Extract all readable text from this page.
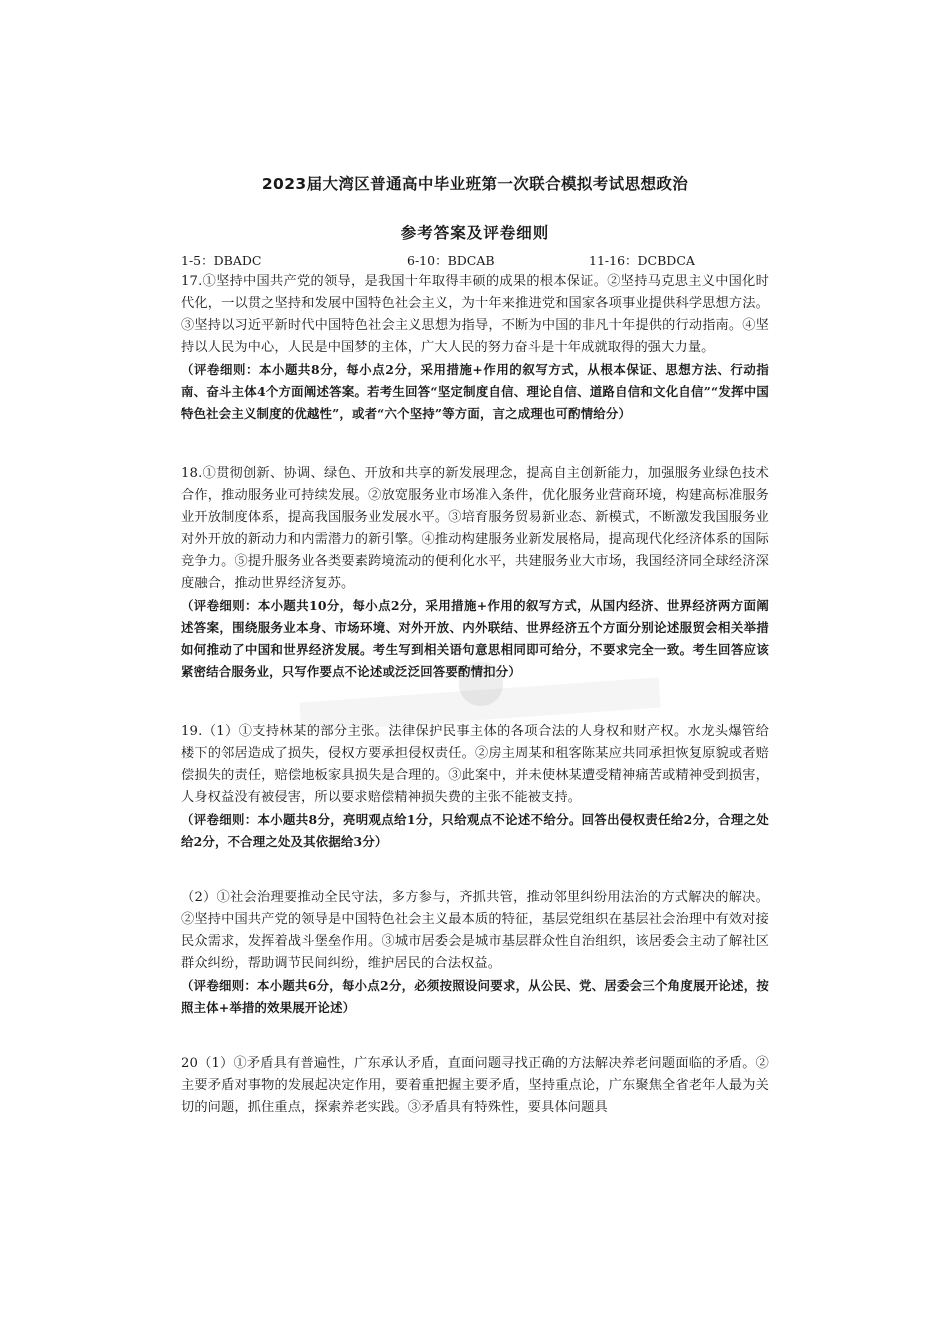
●
2023届大湾区普通高中毕业班第一次联合模拟考试思想政治
参考答案及评卷细则
1-5：DBADC	6-10：BDCAB	11-16：DCBDCA

17.①坚持中国共产党的领导，是我国十年取得丰硕的成果的根本保证。②坚持马克思主义中国化时代化，一以贯之坚持和发展中国特色社会主义，为十年来推进党和国家各项事业提供科学思想方法。③坚持以习近平新时代中国特色社会主义思想为指导，不断为中国的非凡十年提供的行动指南。④坚持以人民为中心，人民是中国梦的主体，广大人民的努力奋斗是十年成就取得的强大力量。

（评卷细则：本小题共8分，每小点2分，采用措施+作用的叙写方式，从根本保证、思想方法、行动指南、奋斗主体4个方面阐述答案。若考生回答“坚定制度自信、理论自信、道路自信和文化自信”“发挥中国特色社会主义制度的优越性”，或者“六个坚持”等方面，言之成理也可酌情给分）

18.①贯彻创新、协调、绿色、开放和共享的新发展理念，提高自主创新能力，加强服务业绿色技术合作，推动服务业可持续发展。②放宽服务业市场准入条件，优化服务业营商环境，构建高标准服务业开放制度体系，提高我国服务业发展水平。③培育服务贸易新业态、新模式，不断激发我国服务业对外开放的新动力和内需潜力的新引擎。④推动构建服务业新发展格局，提高现代化经济体系的国际竞争力。⑤提升服务业各类要素跨境流动的便利化水平，共建服务业大市场，我国经济同全球经济深度融合，推动世界经济复苏。

（评卷细则：本小题共10分，每小点2分，采用措施+作用的叙写方式，从国内经济、世界经济两方面阐述答案，围绕服务业本身、市场环境、对外开放、内外联结、世界经济五个方面分别论述服贸会相关举措如何推动了中国和世界经济发展。考生写到相关语句意思相同即可给分，不要求完全一致。考生回答应该紧密结合服务业，只写作要点不论述或泛泛回答要酌情扣分）

19.（1）①支持林某的部分主张。法律保护民事主体的各项合法的人身权和财产权。水龙头爆管给楼下的邻居造成了损失，侵权方要承担侵权责任。②房主周某和租客陈某应共同承担恢复原貌或者赔偿损失的责任，赔偿地板家具损失是合理的。③此案中，并未使林某遭受精神痛苦或精神受到损害，人身权益没有被侵害，所以要求赔偿精神损失费的主张不能被支持。

（评卷细则：本小题共8分，亮明观点给1分，只给观点不论述不给分。回答出侵权责任给2分，合理之处给2分，不合理之处及其依据给3分）

（2）①社会治理要推动全民守法，多方参与，齐抓共管，推动邻里纠纷用法治的方式解决的解决。②坚持中国共产党的领导是中国特色社会主义最本质的特征，基层党组织在基层社会治理中有效对接民众需求，发挥着战斗堡垒作用。③城市居委会是城市基层群众性自治组织，该居委会主动了解社区群众纠纷，帮助调节民间纠纷，维护居民的合法权益。

（评卷细则：本小题共6分，每小点2分，必须按照设问要求，从公民、党、居委会三个角度展开论述，按照主体+举措的效果展开论述）

20（1）①矛盾具有普遍性，广东承认矛盾，直面问题寻找正确的方法解决养老问题面临的矛盾。②主要矛盾对事物的发展起决定作用，要着重把握主要矛盾，坚持重点论，广东聚焦全省老年人最为关切的问题，抓住重点，探索养老实践。③矛盾具有特殊性，要具体问题具
